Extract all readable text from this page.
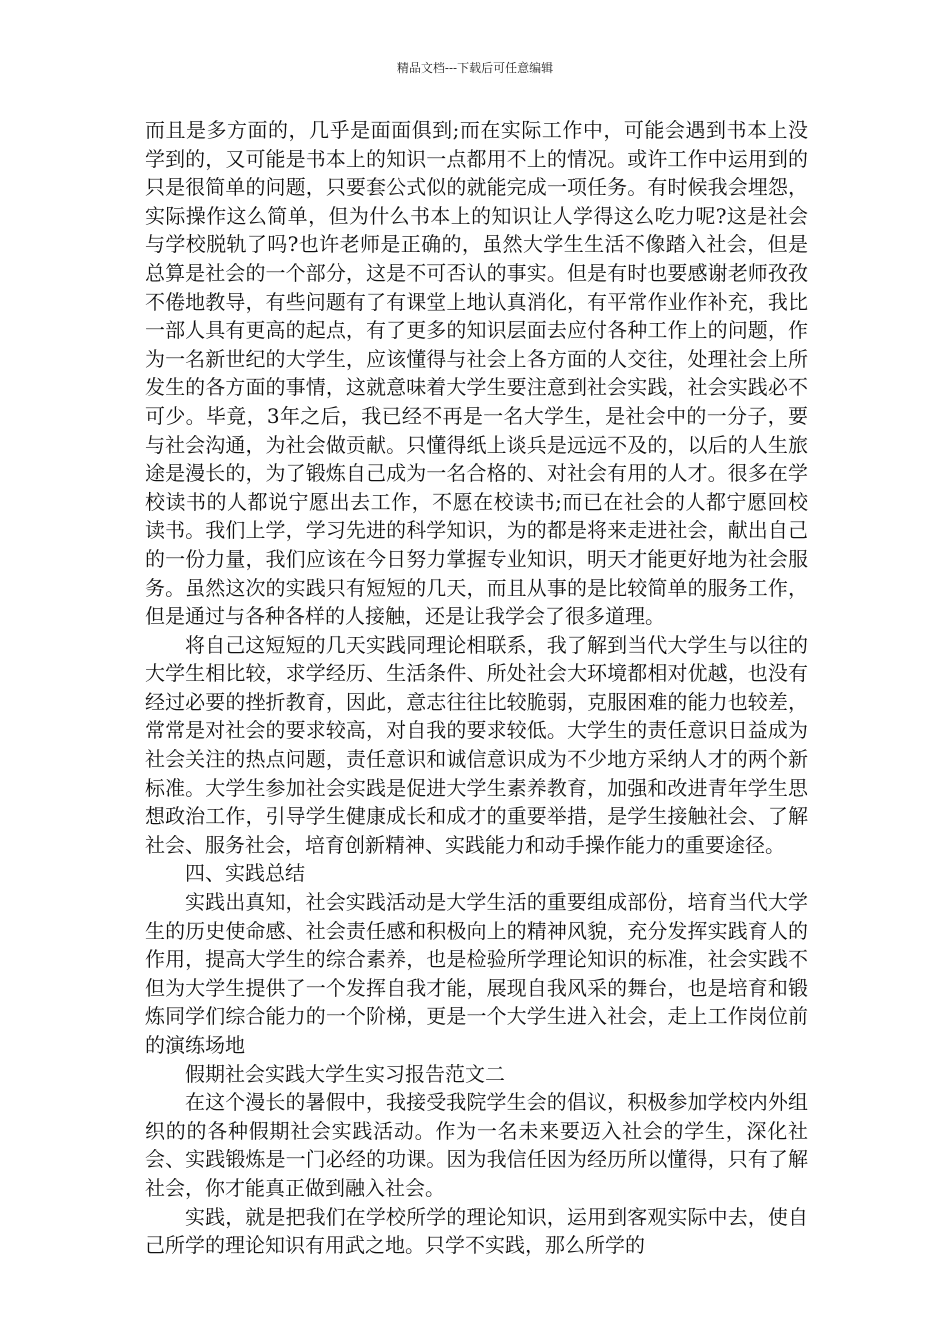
精品文档---下载后可任意编辑

而且是多方面的，几乎是面面俱到;而在实际工作中，可能会遇到书本上没学到的，又可能是书本上的知识一点都用不上的情况。或许工作中运用到的只是很简单的问题，只要套公式似的就能完成一项任务。有时候我会埋怨，实际操作这么简单，但为什么书本上的知识让人学得这么吃力呢?这是社会与学校脱轨了吗?也许老师是正确的，虽然大学生生活不像踏入社会，但是总算是社会的一个部分，这是不可否认的事实。但是有时也要感谢老师孜孜不倦地教导，有些问题有了有课堂上地认真消化，有平常作业作补充，我比一部人具有更高的起点，有了更多的知识层面去应付各种工作上的问题，作为一名新世纪的大学生，应该懂得与社会上各方面的人交往，处理社会上所发生的各方面的事情，这就意味着大学生要注意到社会实践，社会实践必不可少。毕竟，3年之后，我已经不再是一名大学生，是社会中的一分子，要与社会沟通，为社会做贡献。只懂得纸上谈兵是远远不及的，以后的人生旅途是漫长的，为了锻炼自己成为一名合格的、对社会有用的人才。很多在学校读书的人都说宁愿出去工作，不愿在校读书;而已在社会的人都宁愿回校读书。我们上学，学习先进的科学知识，为的都是将来走进社会，献出自己的一份力量，我们应该在今日努力掌握专业知识，明天才能更好地为社会服务。虽然这次的实践只有短短的几天，而且从事的是比较简单的服务工作，但是通过与各种各样的人接触，还是让我学会了很多道理。

将自己这短短的几天实践同理论相联系，我了解到当代大学生与以往的大学生相比较，求学经历、生活条件、所处社会大环境都相对优越，也没有经过必要的挫折教育，因此，意志往往比较脆弱，克服困难的能力也较差，常常是对社会的要求较高，对自我的要求较低。大学生的责任意识日益成为社会关注的热点问题，责任意识和诚信意识成为不少地方采纳人才的两个新标准。大学生参加社会实践是促进大学生素养教育，加强和改进青年学生思想政治工作，引导学生健康成长和成才的重要举措，是学生接触社会、了解社会、服务社会，培育创新精神、实践能力和动手操作能力的重要途径。

四、实践总结

实践出真知，社会实践活动是大学生活的重要组成部份，培育当代大学生的历史使命感、社会责任感和积极向上的精神风貌，充分发挥实践育人的作用，提高大学生的综合素养，也是检验所学理论知识的标准，社会实践不但为大学生提供了一个发挥自我才能，展现自我风采的舞台，也是培育和锻炼同学们综合能力的一个阶梯，更是一个大学生进入社会，走上工作岗位前的演练场地

假期社会实践大学生实习报告范文二

在这个漫长的暑假中，我接受我院学生会的倡议，积极参加学校内外组织的的各种假期社会实践活动。作为一名未来要迈入社会的学生，深化社会、实践锻炼是一门必经的功课。因为我信任因为经历所以懂得，只有了解社会，你才能真正做到融入社会。

实践，就是把我们在学校所学的理论知识，运用到客观实际中去，使自己所学的理论知识有用武之地。只学不实践，那么所学的
